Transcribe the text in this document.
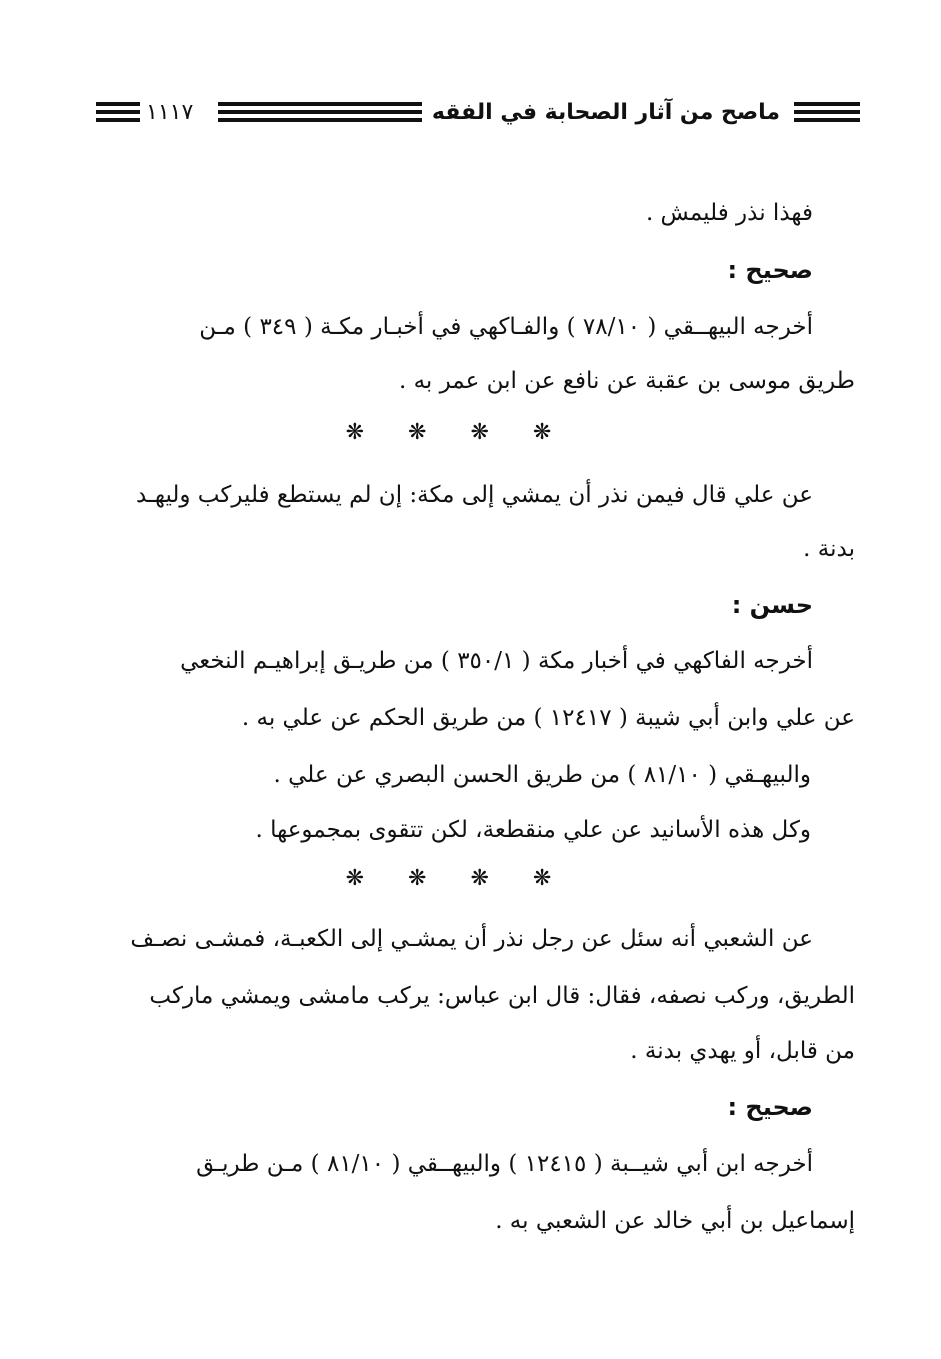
ماصح من آثار الصحابة في الفقه
١١١٧
فهذا نذر فليمش .
صحيح :
أخرجه البيهــقي ( ٧٨/١٠ ) والفـاكهي في أخبـار مكـة ( ٣٤٩ ) مـن
طريق موسى بن عقبة عن نافع عن ابن عمر به .
❋❋❋❋
عن علي قال فيمن نذر أن يمشي إلى مكة: إن لم يستطع فليركب وليهـد
بدنة .
حسن :
أخرجه الفاكهي في أخبار مكة ( ٣٥٠/١ ) من طريـق إبراهيـم النخعي
عن علي وابن أبي شيبة ( ١٢٤١٧ ) من طريق الحكم عن علي به .
والبيهـقي ( ٨١/١٠ ) من طريق الحسن البصري عن علي .
وكل هذه الأسانيد عن علي منقطعة، لكن تتقوى بمجموعها .
❋❋❋❋
عن الشعبي أنه سئل عن رجل نذر أن يمشـي إلى الكعبـة، فمشـى نصـف
الطريق، وركب نصفه، فقال: قال ابن عباس: يركب مامشى ويمشي ماركب
من قابل، أو يهدي بدنة .
صحيح :
أخرجه ابن أبي شيــبة ( ١٢٤١٥ ) والبيهــقي ( ٨١/١٠ ) مـن طريـق
إسماعيل بن أبي خالد عن الشعبي به .
